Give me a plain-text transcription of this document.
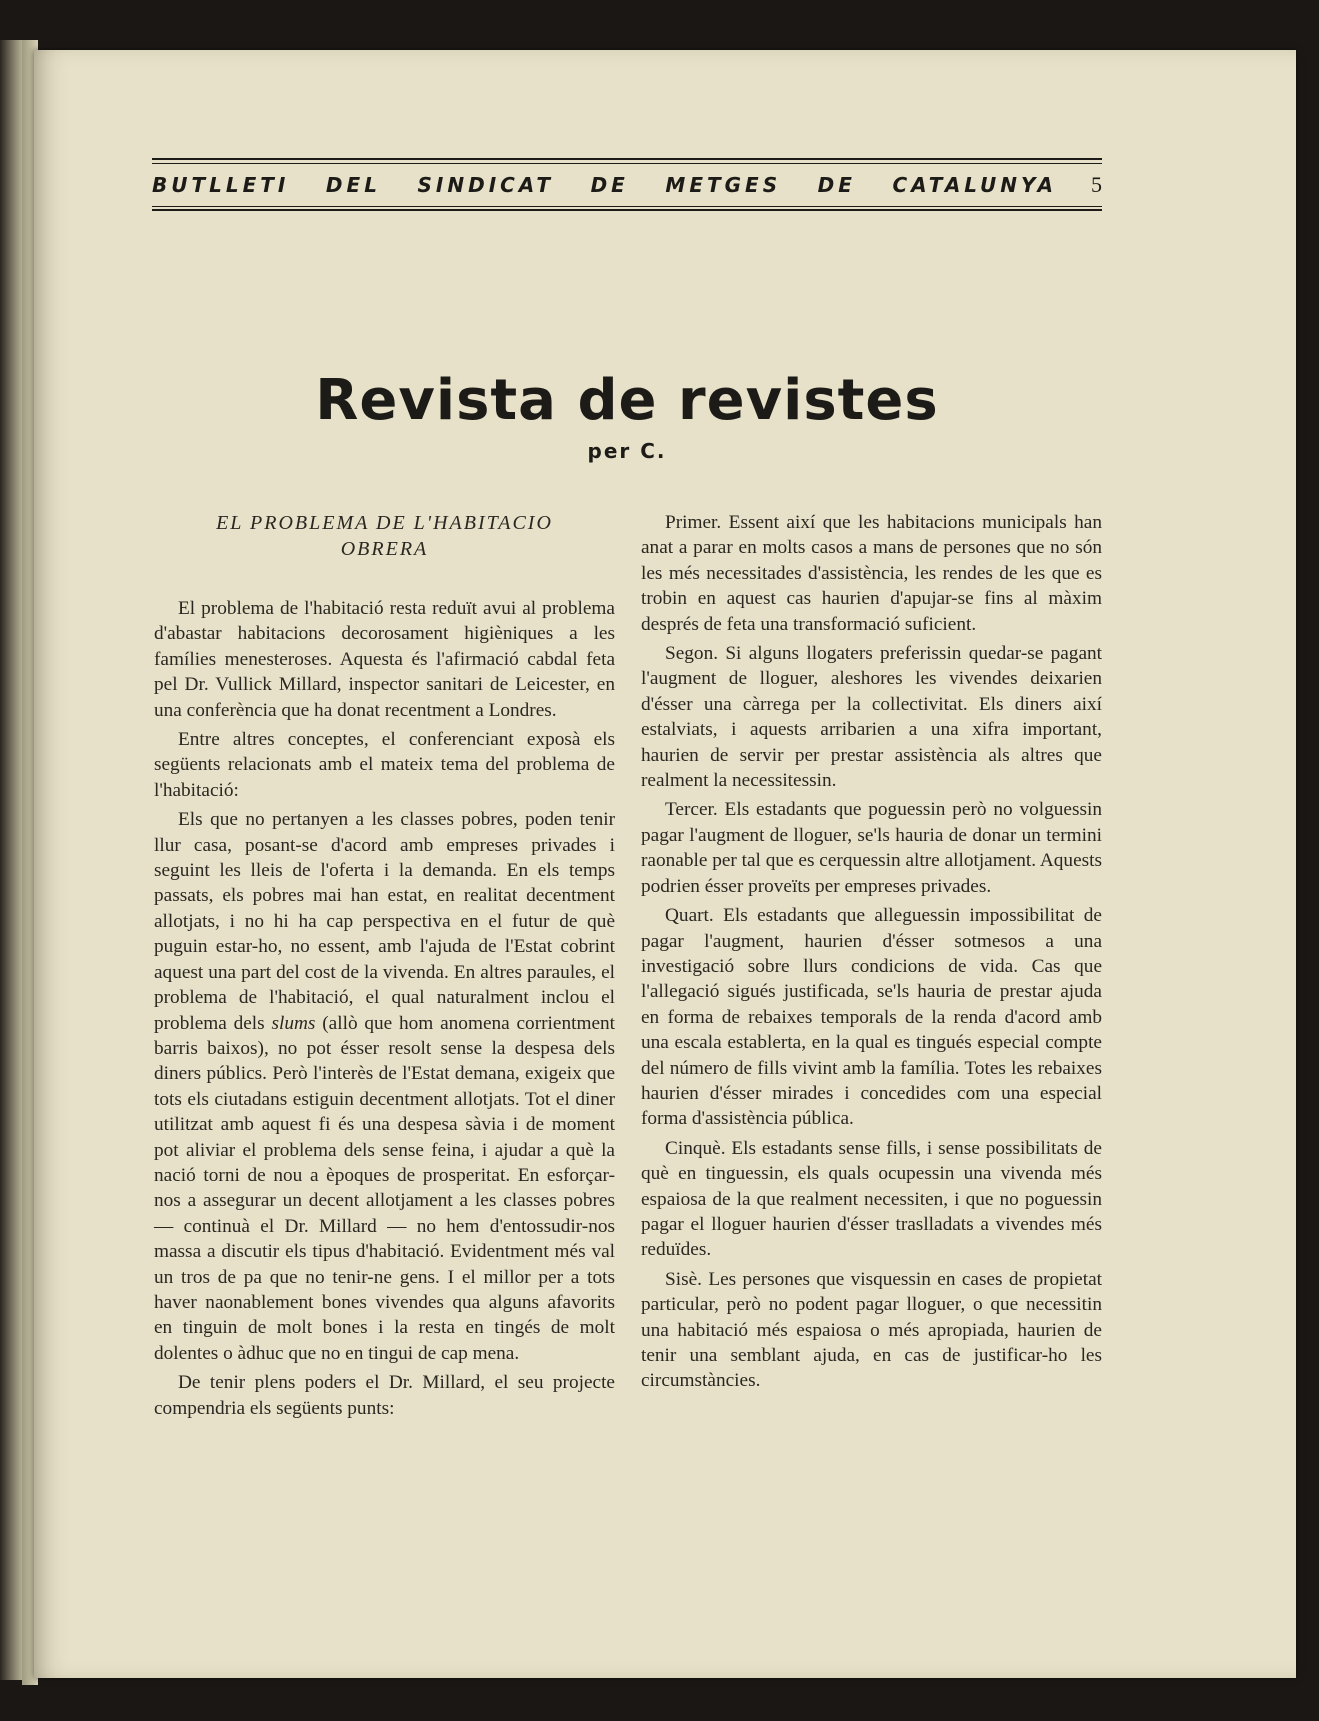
BUTLLETI DEL SINDICAT DE METGES DE CATALUNYA 5
Revista de revistes
per C.
EL PROBLEMA DE L'HABITACIO OBRERA

El problema de l'habitació resta reduït avui al problema d'abastar habitacions decorosament higièniques a les famílies menesteroses. Aquesta és l'afirmació cabdal feta pel Dr. Vullick Millard, inspector sanitari de Leicester, en una conferència que ha donat recentment a Londres.

Entre altres conceptes, el conferenciant exposà els següents relacionats amb el mateix tema del problema de l'habitació:

Els que no pertanyen a les classes pobres, poden tenir llur casa, posant-se d'acord amb empreses privades i seguint les lleis de l'oferta i la demanda. En els temps passats, els pobres mai han estat, en realitat decentment allotjats, i no hi ha cap perspectiva en el futur de què puguin estar-ho, no essent, amb l'ajuda de l'Estat cobrint aquest una part del cost de la vivenda. En altres paraules, el problema de l'habitació, el qual naturalment inclou el problema dels slums (allò que hom anomena corrientment barris baixos), no pot ésser resolt sense la despesa dels diners públics. Però l'interès de l'Estat demana, exigeix que tots els ciutadans estiguin decentment allotjats. Tot el diner utilitzat amb aquest fi és una despesa sàvia i de moment pot aliviar el problema dels sense feina, i ajudar a què la nació torni de nou a èpoques de prosperitat. En esforçar-nos a assegurar un decent allotjament a les classes pobres — continuà el Dr. Millard — no hem d'entossudir-nos massa a discutir els tipus d'habitació. Evidentment més val un tros de pa que no tenir-ne gens. I el millor per a tots haver naonablement bones vivendes qua alguns afavorits en tinguin de molt bones i la resta en tingés de molt dolentes o àdhuc que no en tingui de cap mena.

De tenir plens poders el Dr. Millard, el seu projecte compendria els següents punts:

Primer. Essent així que les habitacions municipals han anat a parar en molts casos a mans de persones que no són les més necessitades d'assistència, les rendes de les que es trobin en aquest cas haurien d'apujar-se fins al màxim després de feta una transformació suficient.

Segon. Si alguns llogaters preferissin quedar-se pagant l'augment de lloguer, aleshores les vivendes deixarien d'ésser una càrrega per la collectivitat. Els diners així estalviats, i aquests arribarien a una xifra important, haurien de servir per prestar assistència als altres que realment la necessitessin.

Tercer. Els estadants que poguessin però no volguessin pagar l'augment de lloguer, se'ls hauria de donar un termini raonable per tal que es cerquessin altre allotjament. Aquests podrien ésser proveïts per empreses privades.

Quart. Els estadants que alleguessin impossibilitat de pagar l'augment, haurien d'ésser sotmesos a una investigació sobre llurs condicions de vida. Cas que l'allegació sigués justificada, se'ls hauria de prestar ajuda en forma de rebaixes temporals de la renda d'acord amb una escala establerta, en la qual es tingués especial compte del número de fills vivint amb la família. Totes les rebaixes haurien d'ésser mirades i concedides com una especial forma d'assistència pública.

Cinquè. Els estadants sense fills, i sense possibilitats de què en tinguessin, els quals ocupessin una vivenda més espaiosa de la que realment necessiten, i que no poguessin pagar el lloguer haurien d'ésser traslladats a vivendes més reduïdes.

Sisè. Les persones que visquessin en cases de propietat particular, però no podent pagar lloguer, o que necessitin una habitació més espaiosa o més apropiada, haurien de tenir una semblant ajuda, en cas de justificar-ho les circumstàncies.
